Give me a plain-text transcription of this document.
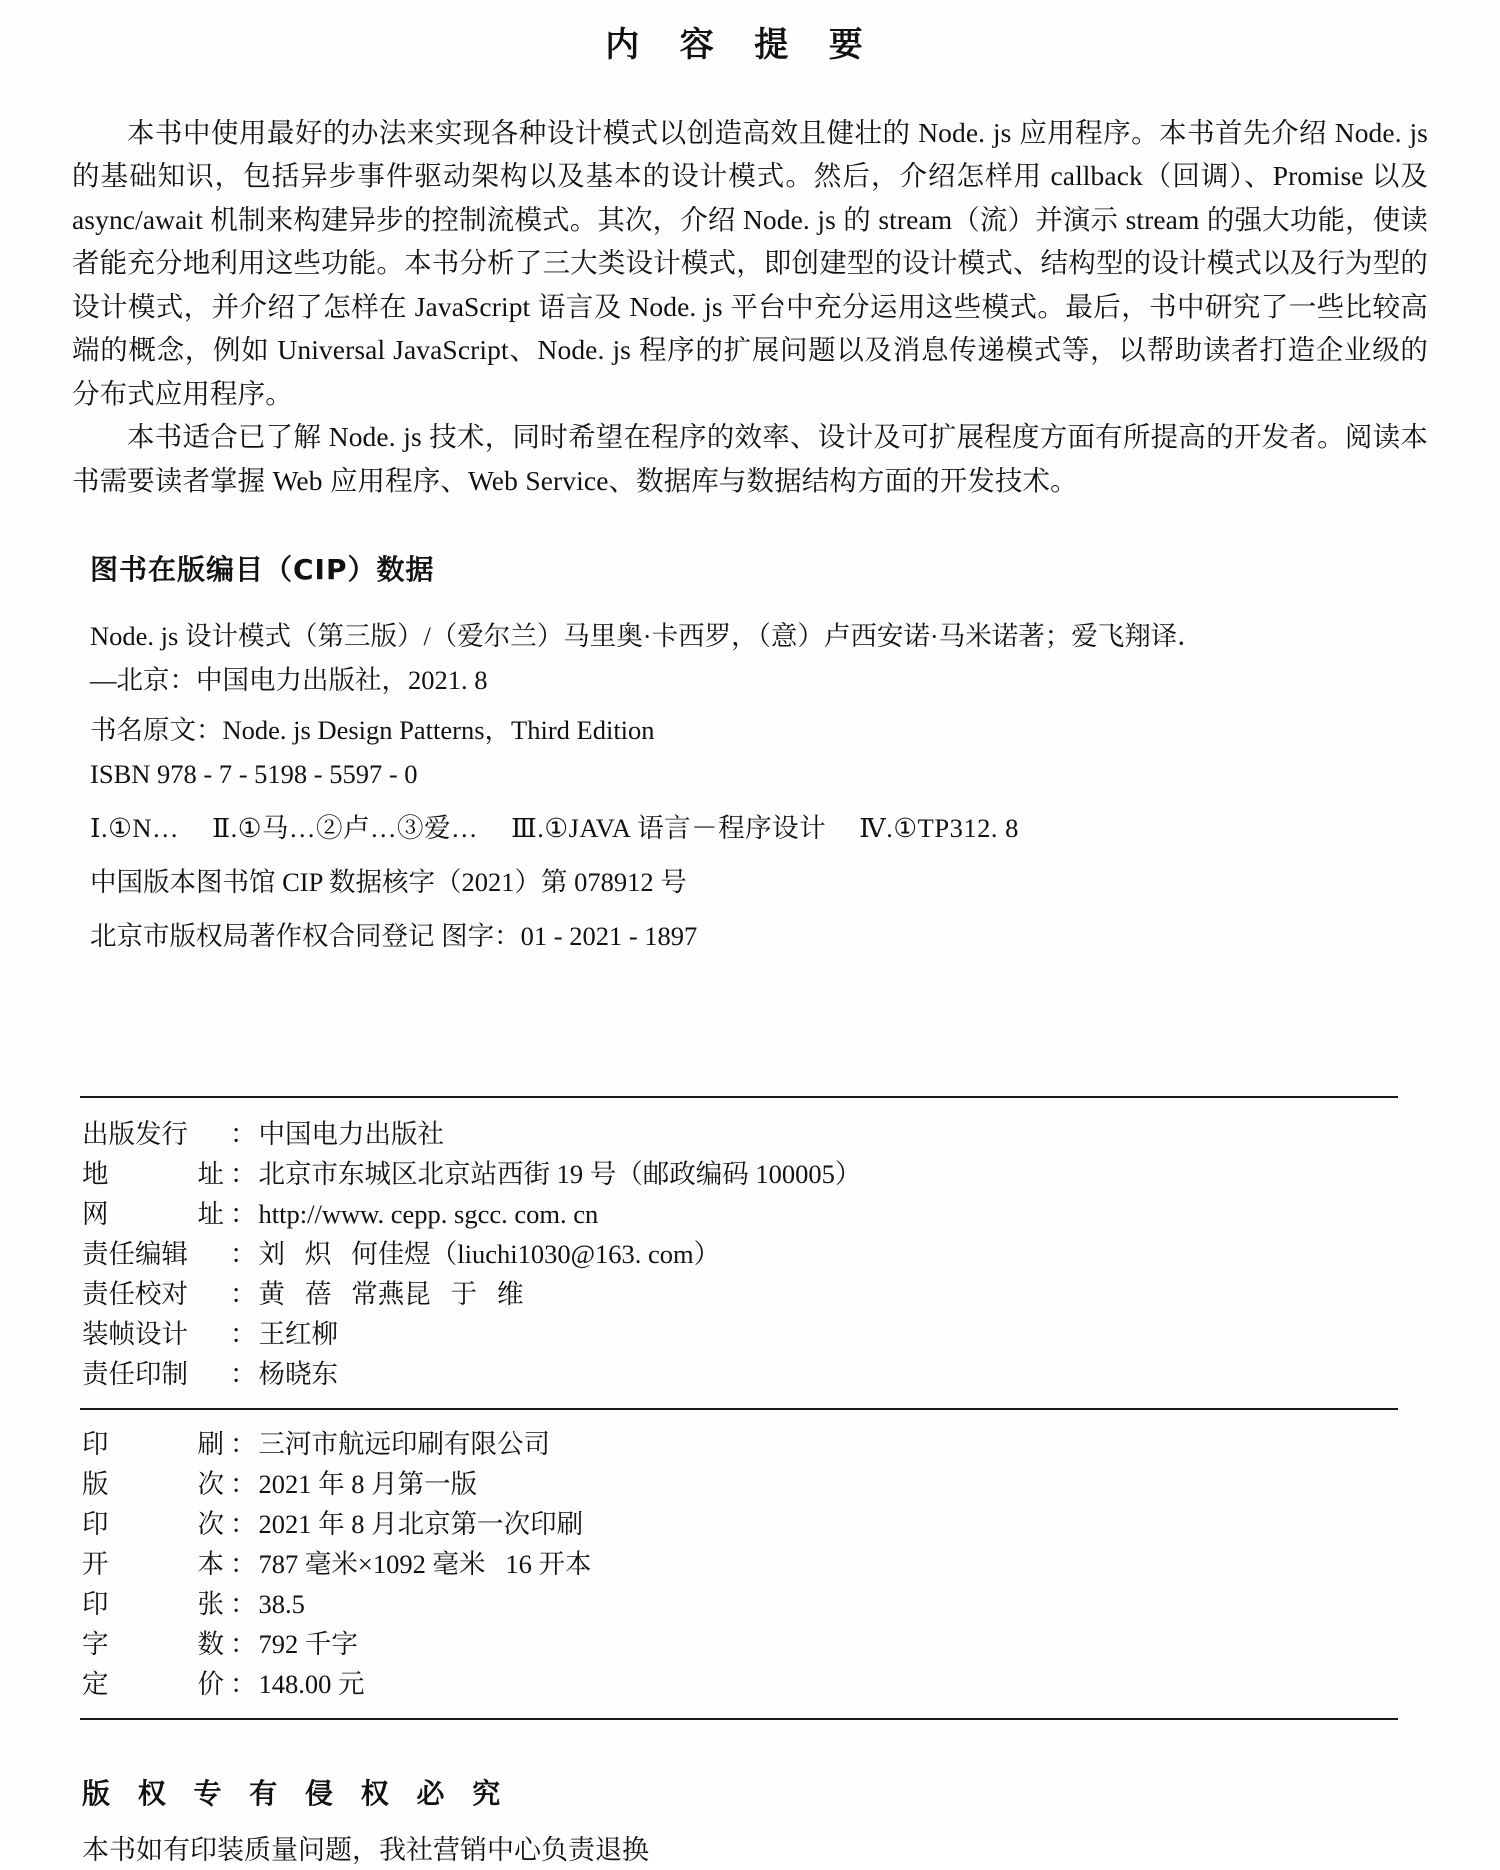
内 容 提 要

本书中使用最好的办法来实现各种设计模式以创造高效且健壮的 Node. js 应用程序。本书首先介绍 Node. js 的基础知识，包括异步事件驱动架构以及基本的设计模式。然后，介绍怎样用 callback（回调）、Promise 以及 async/await 机制来构建异步的控制流模式。其次，介绍 Node. js 的 stream（流）并演示 stream 的强大功能，使读者能充分地利用这些功能。本书分析了三大类设计模式，即创建型的设计模式、结构型的设计模式以及行为型的设计模式，并介绍了怎样在 JavaScript 语言及 Node. js 平台中充分运用这些模式。最后，书中研究了一些比较高端的概念，例如 Universal JavaScript、Node. js 程序的扩展问题以及消息传递模式等，以帮助读者打造企业级的分布式应用程序。

本书适合已了解 Node. js 技术，同时希望在程序的效率、设计及可扩展程度方面有所提高的开发者。阅读本书需要读者掌握 Web 应用程序、Web Service、数据库与数据结构方面的开发技术。

图书在版编目（CIP）数据
Node. js 设计模式（第三版）/（爱尔兰）马里奥·卡西罗，（意）卢西安诺·马米诺著；爱飞翔译．
—北京：中国电力出版社，2021. 8
书名原文：Node. js Design Patterns，Third Edition
ISBN 978 - 7 - 5198 - 5597 - 0
Ⅰ.①N… Ⅱ.①马…②卢…③爱… Ⅲ.①JAVA 语言－程序设计 Ⅳ.①TP312. 8
中国版本图书馆 CIP 数据核字（2021）第 078912 号
北京市版权局著作权合同登记 图字：01 - 2021 - 1897
出版发行	： 中国电力出版社
地	址 ： 北京市东城区北京站西街 19 号（邮政编码 100005）
网	址 ： http://www. cepp. sgcc. com. cn
责任编辑	： 刘   炽   何佳煜（liuchi1030@163. com）
责任校对	： 黄   蓓   常燕昆   于   维
装帧设计	： 王红柳
责任印制	： 杨晓东
印	刷 ： 三河市航远印刷有限公司
版	次 ： 2021 年 8 月第一版
印	次 ： 2021 年 8 月北京第一次印刷
开	本 ： 787 毫米×1092 毫米   16 开本
印	张 ： 38.5
字	数 ： 792 千字
定	价 ： 148.00 元
版 权 专 有 侵 权 必 究
本书如有印装质量问题，我社营销中心负责退换
